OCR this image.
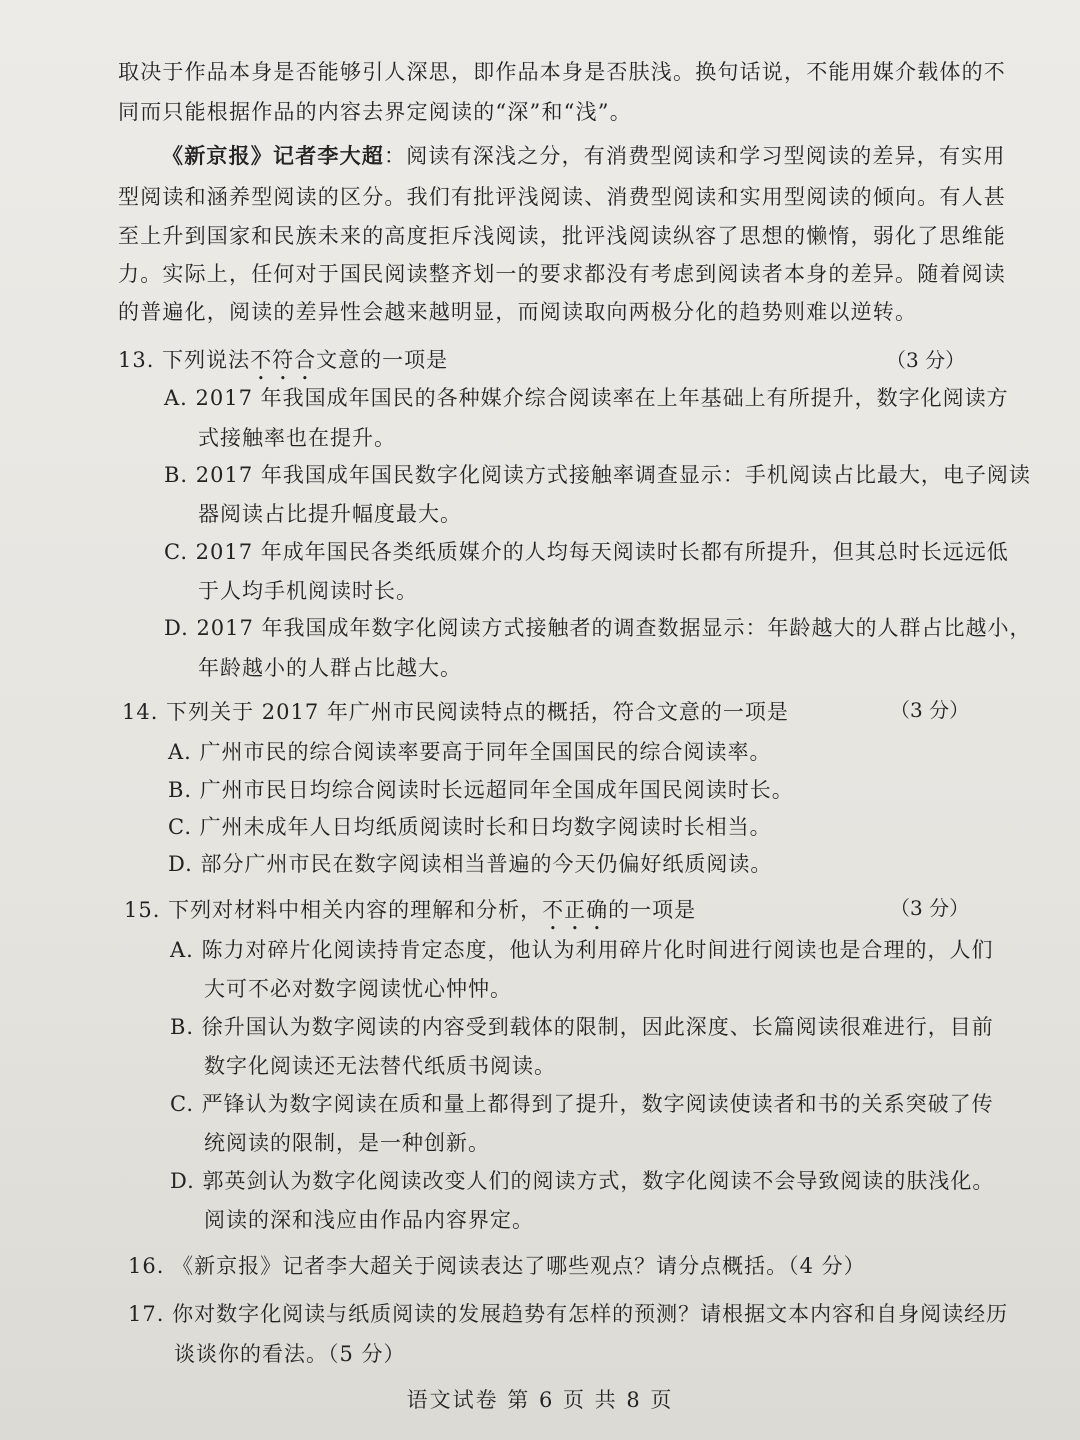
取决于作品本身是否能够引人深思，即作品本身是否肤浅。换句话说，不能用媒介载体的不
同而只能根据作品的内容去界定阅读的“深”和“浅”。
《新京报》记者李大超：阅读有深浅之分，有消费型阅读和学习型阅读的差异，有实用
型阅读和涵养型阅读的区分。我们有批评浅阅读、消费型阅读和实用型阅读的倾向。有人甚
至上升到国家和民族未来的高度拒斥浅阅读，批评浅阅读纵容了思想的懒惰，弱化了思维能
力。实际上，任何对于国民阅读整齐划一的要求都没有考虑到阅读者本身的差异。随着阅读
的普遍化，阅读的差异性会越来越明显，而阅读取向两极分化的趋势则难以逆转。
13. 下列说法不符合文意的一项是	（3 分）
A. 2017 年我国成年国民的各种媒介综合阅读率在上年基础上有所提升，数字化阅读方
式接触率也在提升。
B. 2017 年我国成年国民数字化阅读方式接触率调查显示：手机阅读占比最大，电子阅读
器阅读占比提升幅度最大。
C. 2017 年成年国民各类纸质媒介的人均每天阅读时长都有所提升，但其总时长远远低
于人均手机阅读时长。
D. 2017 年我国成年数字化阅读方式接触者的调查数据显示：年龄越大的人群占比越小，
年龄越小的人群占比越大。
14. 下列关于 2017 年广州市民阅读特点的概括，符合文意的一项是	（3 分）
A. 广州市民的综合阅读率要高于同年全国国民的综合阅读率。
B. 广州市民日均综合阅读时长远超同年全国成年国民阅读时长。
C. 广州未成年人日均纸质阅读时长和日均数字阅读时长相当。
D. 部分广州市民在数字阅读相当普遍的今天仍偏好纸质阅读。
15. 下列对材料中相关内容的理解和分析，不正确的一项是	（3 分）
A. 陈力对碎片化阅读持肯定态度，他认为利用碎片化时间进行阅读也是合理的，人们
大可不必对数字阅读忧心忡忡。
B. 徐升国认为数字阅读的内容受到载体的限制，因此深度、长篇阅读很难进行，目前
数字化阅读还无法替代纸质书阅读。
C. 严锋认为数字阅读在质和量上都得到了提升，数字阅读使读者和书的关系突破了传
统阅读的限制，是一种创新。
D. 郭英剑认为数字化阅读改变人们的阅读方式，数字化阅读不会导致阅读的肤浅化。
阅读的深和浅应由作品内容界定。
16. 《新京报》记者李大超关于阅读表达了哪些观点？请分点概括。（4 分）
17. 你对数字化阅读与纸质阅读的发展趋势有怎样的预测？请根据文本内容和自身阅读经历
谈谈你的看法。（5 分）
语文试卷 第 6 页 共 8 页
